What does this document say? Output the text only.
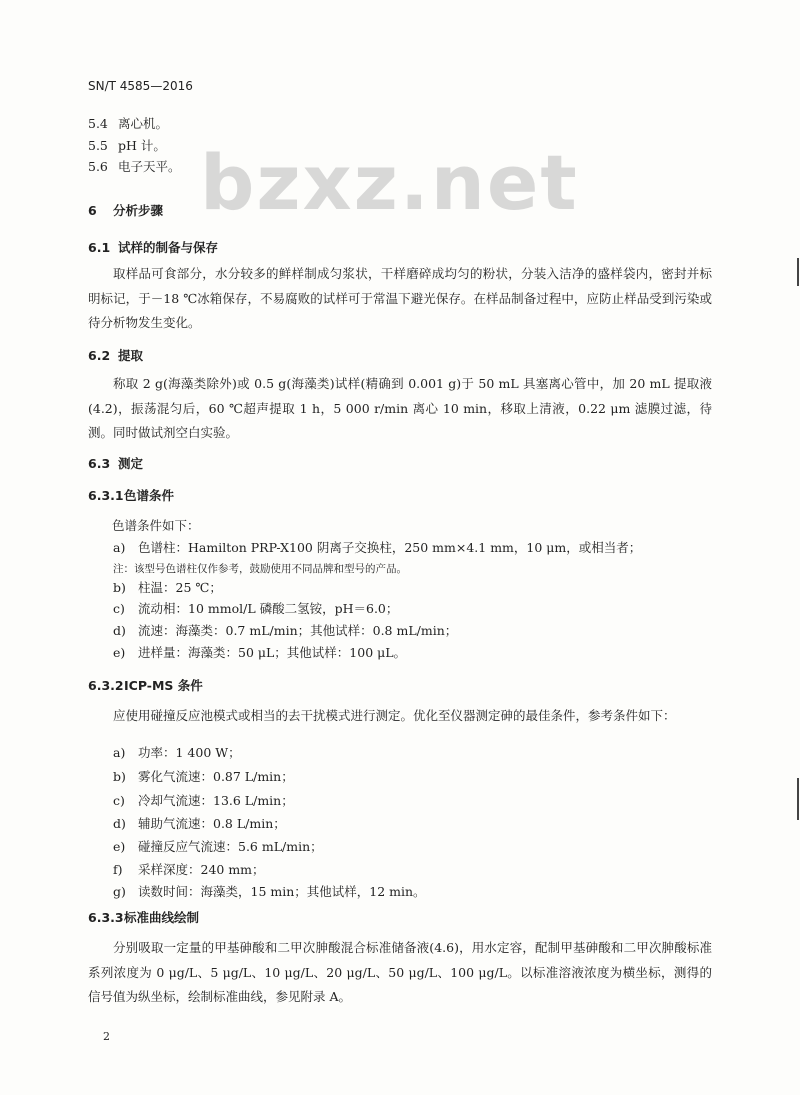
bzxz.net
SN/T 4585—2016
5.4 离心机。
5.5 pH 计。
5.6 电子天平。
6 分析步骤
6.1 试样的制备与保存
取样品可食部分，水分较多的鲜样制成匀浆状，干样磨碎成均匀的粉状，分装入洁净的盛样袋内，密封并标明标记，于－18 ℃冰箱保存，不易腐败的试样可于常温下避光保存。在样品制备过程中，应防止样品受到污染或待分析物发生变化。
6.2 提取
称取 2 g(海藻类除外)或 0.5 g(海藻类)试样(精确到 0.001 g)于 50 mL 具塞离心管中，加 20 mL 提取液(4.2)，振荡混匀后，60 ℃超声提取 1 h，5 000 r/min 离心 10 min，移取上清液，0.22 μm 滤膜过滤，待测。同时做试剂空白实验。
6.3 测定
6.3.1色谱条件
色谱条件如下：
a) 色谱柱：Hamilton PRP-X100 阴离子交换柱，250 mm×4.1 mm，10 μm，或相当者；
注：该型号色谱柱仅作参考，鼓励使用不同品牌和型号的产品。
b) 柱温：25 ℃；
c) 流动相：10 mmol/L 磷酸二氢铵，pH＝6.0；
d) 流速：海藻类：0.7 mL/min；其他试样：0.8 mL/min；
e) 进样量：海藻类：50 μL；其他试样：100 μL。
6.3.2ICP-MS 条件
应使用碰撞反应池模式或相当的去干扰模式进行测定。优化至仪器测定砷的最佳条件，参考条件如下：
a) 功率：1 400 W；
b) 雾化气流速：0.87 L/min；
c) 冷却气流速：13.6 L/min；
d) 辅助气流速：0.8 L/min；
e) 碰撞反应气流速：5.6 mL/min；
f) 采样深度：240 mm；
g) 读数时间：海藻类，15 min；其他试样，12 min。
6.3.3标准曲线绘制
分别吸取一定量的甲基砷酸和二甲次胂酸混合标准储备液(4.6)，用水定容，配制甲基砷酸和二甲次胂酸标准系列浓度为 0 μg/L、5 μg/L、10 μg/L、20 μg/L、50 μg/L、100 μg/L。以标准溶液浓度为横坐标，测得的信号值为纵坐标，绘制标准曲线，参见附录 A。
2
